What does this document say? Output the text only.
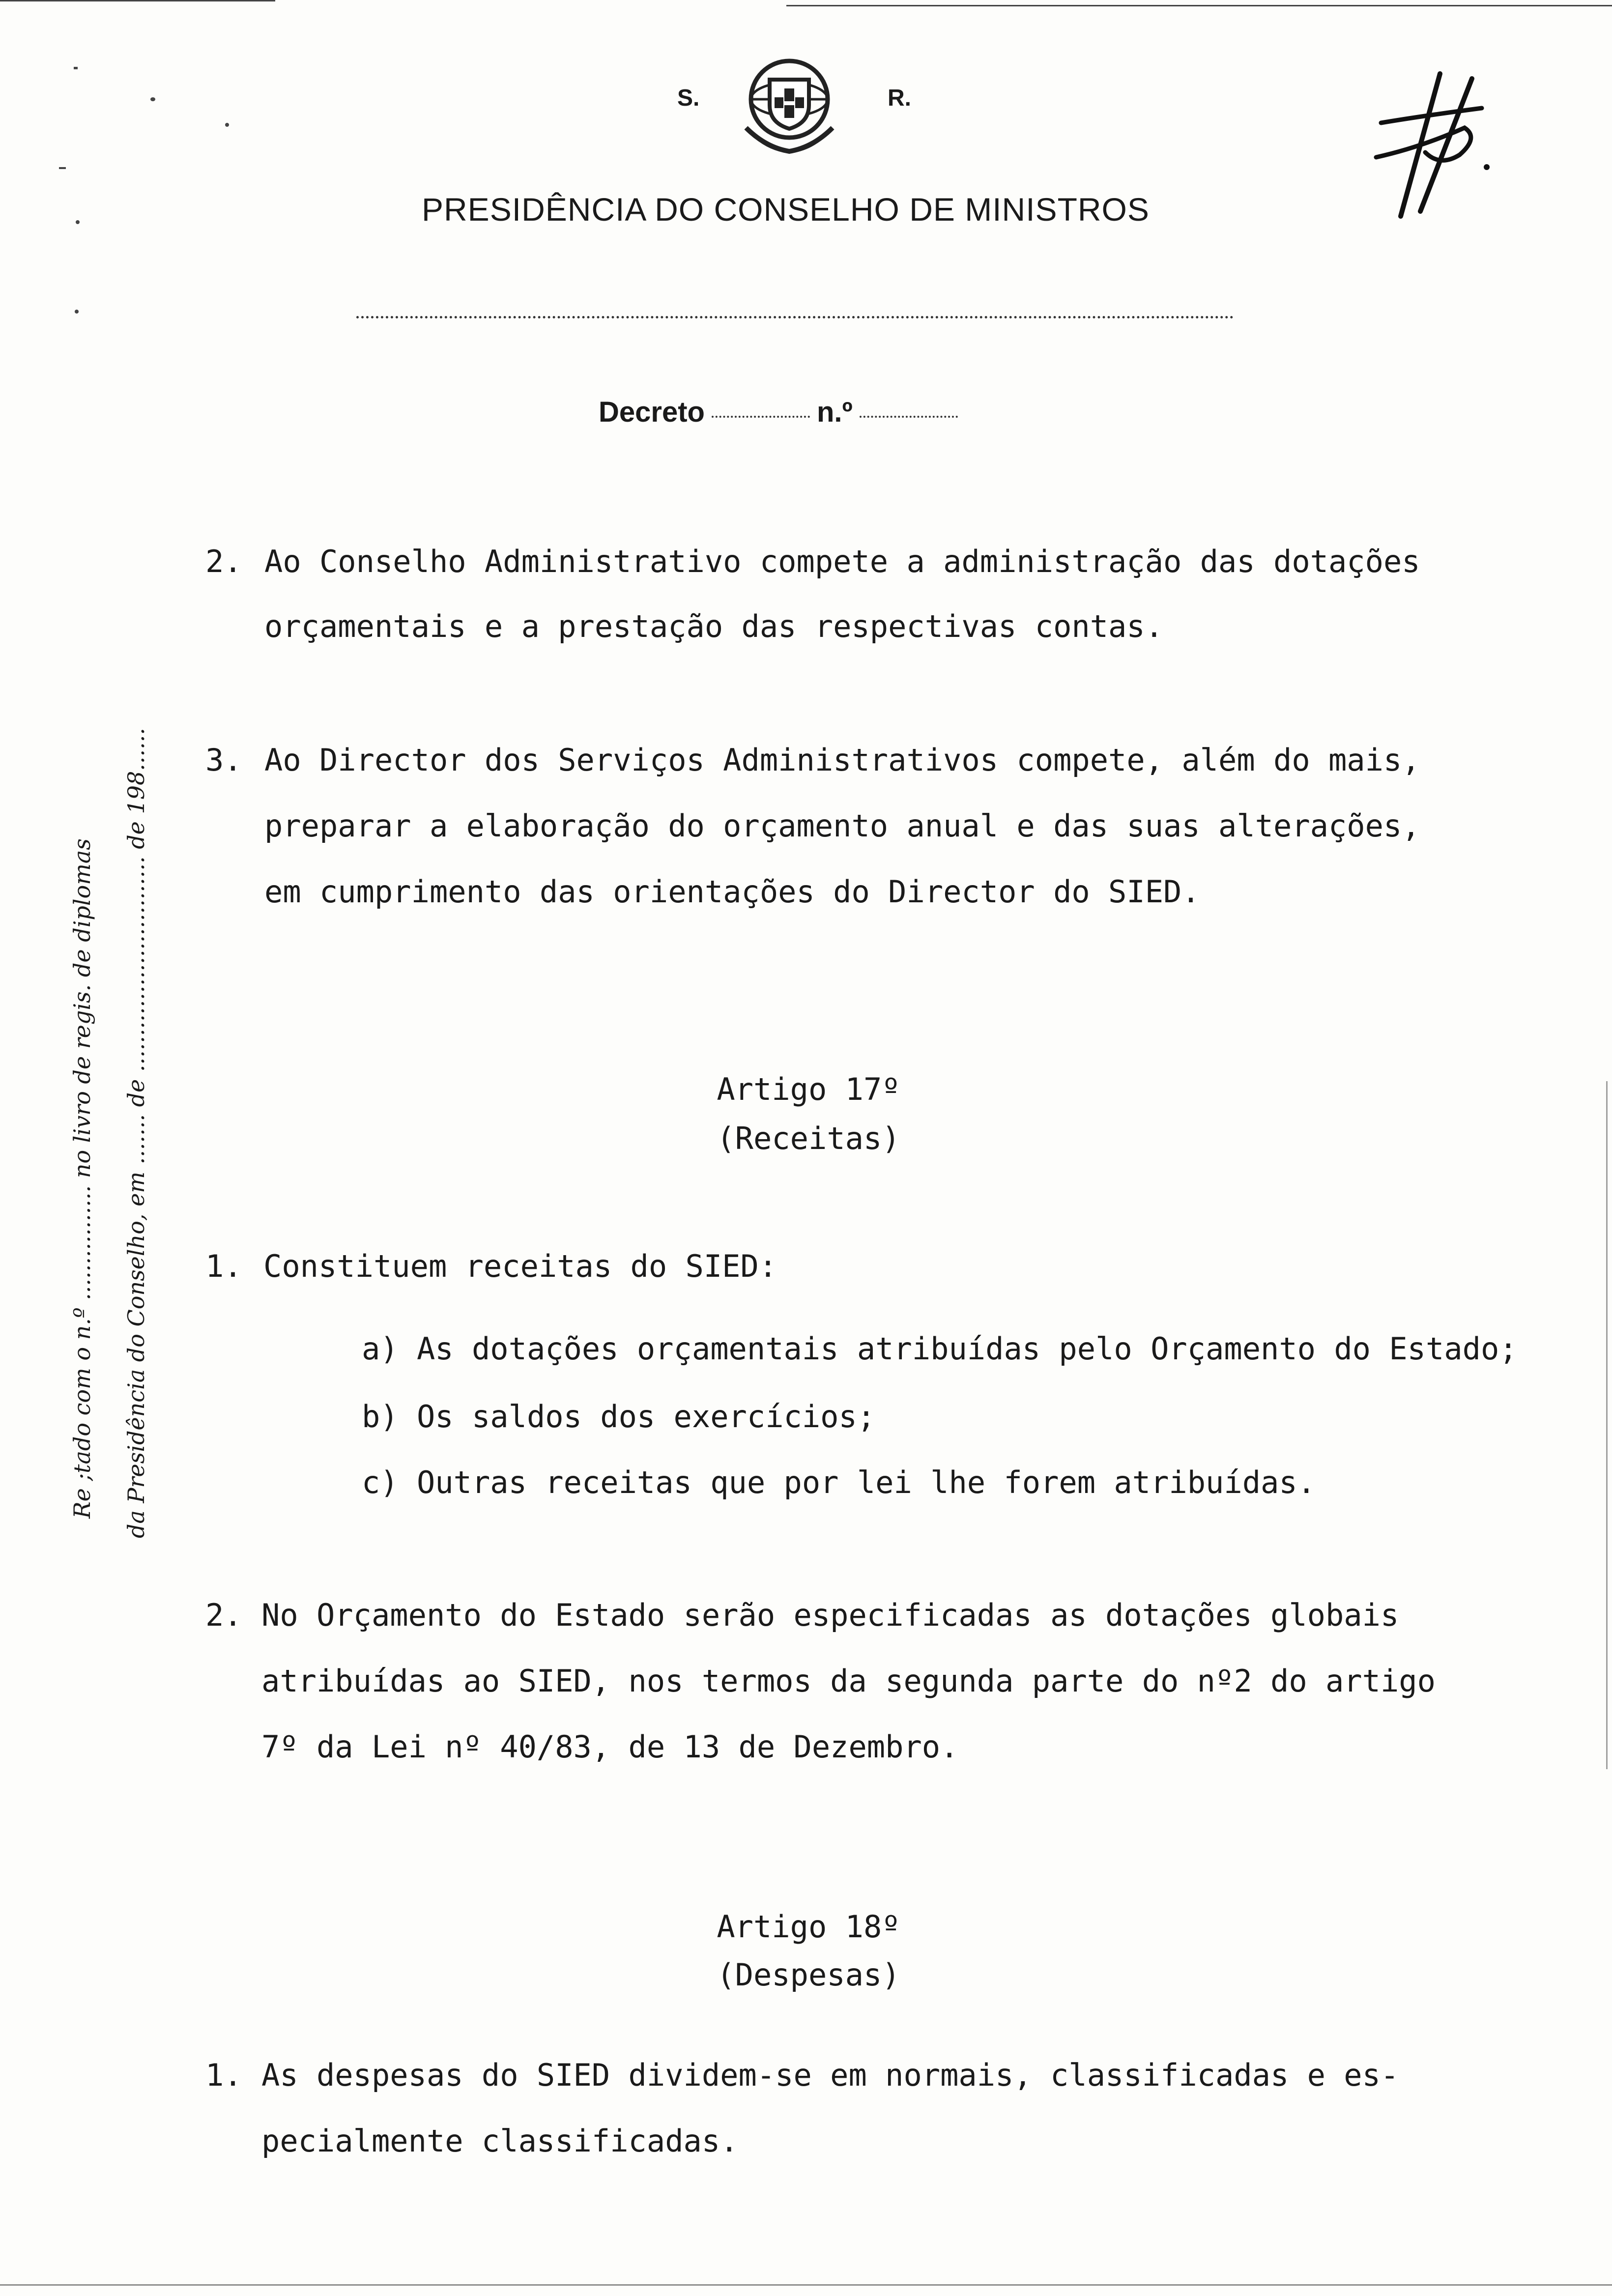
S.	R.
PRESIDÊNCIA DO CONSELHO DE MINISTROS
Decreto	n.º
Re ;tado com o n.º ................ no livro de regis. de diplomas da Presidência do Conselho, em ....... de .............................. de 198......
2. Ao Conselho Administrativo compete a administração das dotações
orçamentais e a prestação das respectivas contas.
3. Ao Director dos Serviços Administrativos compete, além do mais,
preparar a elaboração do orçamento anual e das suas alterações,
em cumprimento das orientações do Director do SIED.
Artigo 17º
(Receitas)
1. Constituem receitas do SIED:
a) As dotações orçamentais atribuídas pelo Orçamento do Estado;
b) Os saldos dos exercícios;
c) Outras receitas que por lei lhe forem atribuídas.
2. No Orçamento do Estado serão especificadas as dotações globais
atribuídas ao SIED, nos termos da segunda parte do nº2 do artigo
7º da Lei nº 40/83, de 13 de Dezembro.
Artigo 18º
(Despesas)
1. As despesas do SIED dividem-se em normais, classificadas e es-
pecialmente classificadas.
